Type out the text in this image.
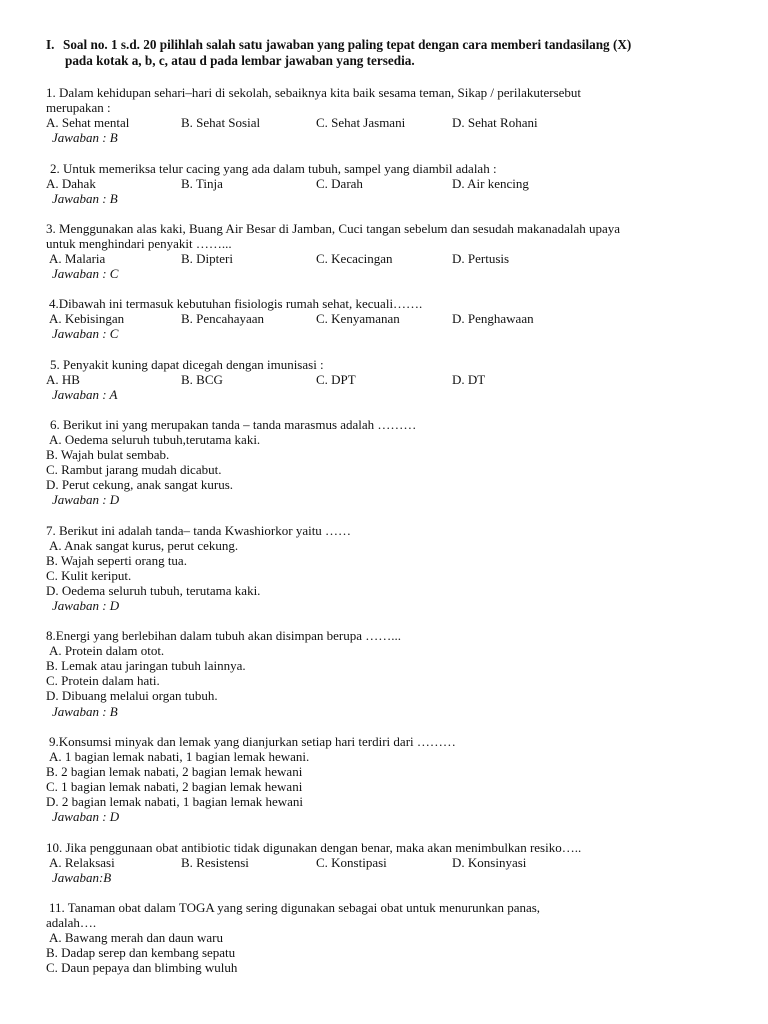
I. Soal no. 1 s.d. 20 pilihlah salah satu jawaban yang paling tepat dengan cara memberi tandasilang (X)
pada kotak a, b, c, atau d pada lembar jawaban yang tersedia.
1. Dalam kehidupan sehari–hari di sekolah, sebaiknya kita baik sesama teman, Sikap / perilakutersebut
merupakan :
A. Sehat mental	B. Sehat Sosial	C. Sehat Jasmani	D. Sehat Rohani
Jawaban : B
2. Untuk memeriksa telur cacing yang ada dalam tubuh, sampel yang diambil adalah :
A. Dahak	B. Tinja	C. Darah	D. Air kencing
Jawaban : B
3. Menggunakan alas kaki, Buang Air Besar di Jamban, Cuci tangan sebelum dan sesudah makanadalah upaya
untuk menghindari penyakit ……...
A. Malaria	B. Dipteri	C. Kecacingan	D. Pertusis
Jawaban : C
4.Dibawah ini termasuk kebutuhan fisiologis rumah sehat, kecuali…….
A. Kebisingan	B. Pencahayaan	C. Kenyamanan	D. Penghawaan
Jawaban : C
5. Penyakit kuning dapat dicegah dengan imunisasi :
A. HB	B. BCG	C. DPT	D. DT
Jawaban : A
6. Berikut ini yang merupakan tanda – tanda marasmus adalah ………
A. Oedema seluruh tubuh,terutama kaki.
B. Wajah bulat sembab.
C. Rambut jarang mudah dicabut.
D. Perut cekung, anak sangat kurus.
Jawaban : D
7. Berikut ini adalah tanda– tanda Kwashiorkor yaitu ……
A. Anak sangat kurus, perut cekung.
B. Wajah seperti orang tua.
C. Kulit keriput.
D. Oedema seluruh tubuh, terutama kaki.
Jawaban : D
8.Energi yang berlebihan dalam tubuh akan disimpan berupa ……...
A. Protein dalam otot.
B. Lemak atau jaringan tubuh lainnya.
C. Protein dalam hati.
D. Dibuang melalui organ tubuh.
Jawaban : B
9.Konsumsi minyak dan lemak yang dianjurkan setiap hari terdiri dari ………
A. 1 bagian lemak nabati, 1 bagian lemak hewani.
B. 2 bagian lemak nabati, 2 bagian lemak hewani
C. 1 bagian lemak nabati, 2 bagian lemak hewani
D. 2 bagian lemak nabati, 1 bagian lemak hewani
Jawaban : D
10. Jika penggunaan obat antibiotic tidak digunakan dengan benar, maka akan menimbulkan resiko…..
A. Relaksasi	B. Resistensi	C. Konstipasi	D. Konsinyasi
Jawaban:B
11. Tanaman obat dalam TOGA yang sering digunakan sebagai obat untuk menurunkan panas,
adalah….
A. Bawang merah dan daun waru
B. Dadap serep dan kembang sepatu
C. Daun pepaya dan blimbing wuluh
